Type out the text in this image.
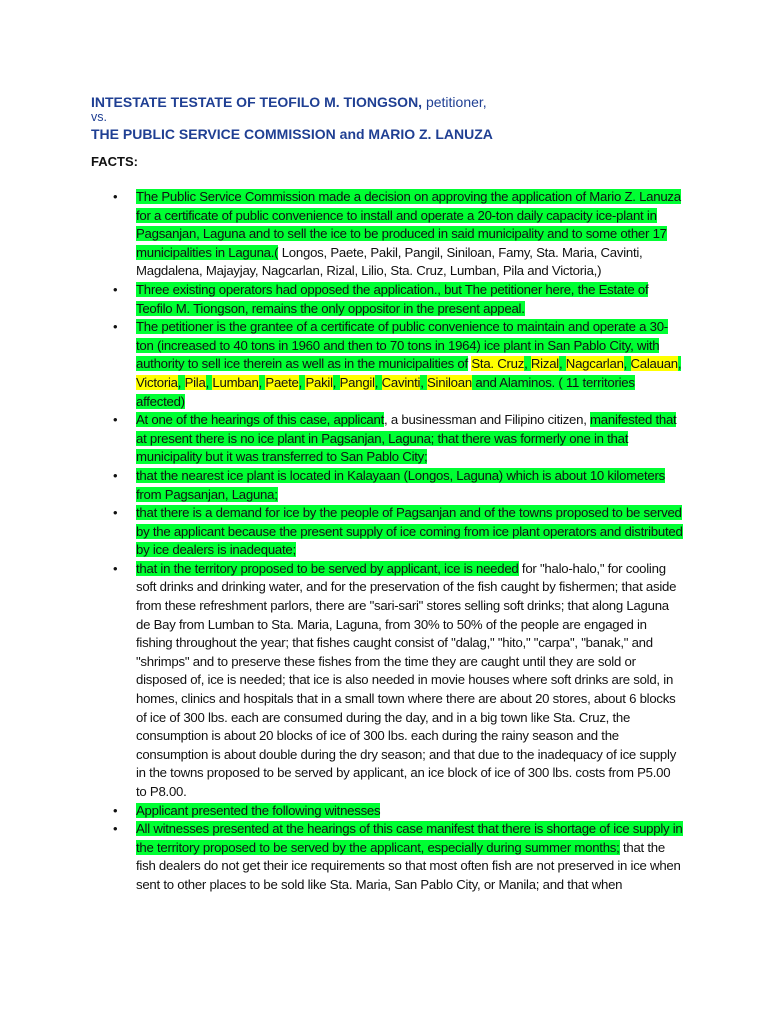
INTESTATE TESTATE OF TEOFILO M. TIONGSON, petitioner,
vs.
THE PUBLIC SERVICE COMMISSION and MARIO Z. LANUZA
FACTS:
• The Public Service Commission made a decision on approving the application of Mario Z. Lanuza for a certificate of public convenience to install and operate a 20-ton daily capacity ice-plant in Pagsanjan, Laguna and to sell the ice to be produced in said municipality and to some other 17 municipalities in Laguna.( Longos, Paete, Pakil, Pangil, Siniloan, Famy, Sta. Maria, Cavinti, Magdalena, Majayjay, Nagcarlan, Rizal, Lilio, Sta. Cruz, Lumban, Pila and Victoria,)
• Three existing operators had opposed the application., but The petitioner here, the Estate of Teofilo M. Tiongson, remains the only oppositor in the present appeal.
• The petitioner is the grantee of a certificate of public convenience to maintain and operate a 30-ton (increased to 40 tons in 1960 and then to 70 tons in 1964) ice plant in San Pablo City, with authority to sell ice therein as well as in the municipalities of Sta. Cruz, Rizal, Nagcarlan, Calauan, Victoria, Pila, Lumban, Paete, Pakil, Pangil, Cavinti, Siniloan and Alaminos. ( 11 territories affected)
• At one of the hearings of this case, applicant, a businessman and Filipino citizen, manifested that at present there is no ice plant in Pagsanjan, Laguna; that there was formerly one in that municipality but it was transferred to San Pablo City;
• that the nearest ice plant is located in Kalayaan (Longos, Laguna) which is about 10 kilometers from Pagsanjan, Laguna;
• that there is a demand for ice by the people of Pagsanjan and of the towns proposed to be served by the applicant because the present supply of ice coming from ice plant operators and distributed by ice dealers is inadequate;
• that in the territory proposed to be served by applicant, ice is needed for "halo-halo," for cooling soft drinks and drinking water, and for the preservation of the fish caught by fishermen; that aside from these refreshment parlors, there are "sari-sari" stores selling soft drinks; that along Laguna de Bay from Lumban to Sta. Maria, Laguna, from 30% to 50% of the people are engaged in fishing throughout the year; that fishes caught consist of "dalag," "hito," "carpa", "banak," and "shrimps" and to preserve these fishes from the time they are caught until they are sold or disposed of, ice is needed; that ice is also needed in movie houses where soft drinks are sold, in homes, clinics and hospitals that in a small town where there are about 20 stores, about 6 blocks of ice of 300 lbs. each are consumed during the day, and in a big town like Sta. Cruz, the consumption is about 20 blocks of ice of 300 lbs. each during the rainy season and the consumption is about double during the dry season; and that due to the inadequacy of ice supply in the towns proposed to be served by applicant, an ice block of ice of 300 lbs. costs from P5.00 to P8.00.
• Applicant presented the following witnesses
• All witnesses presented at the hearings of this case manifest that there is shortage of ice supply in the territory proposed to be served by the applicant, especially during summer months; that the fish dealers do not get their ice requirements so that most often fish are not preserved in ice when sent to other places to be sold like Sta. Maria, San Pablo City, or Manila; and that when
